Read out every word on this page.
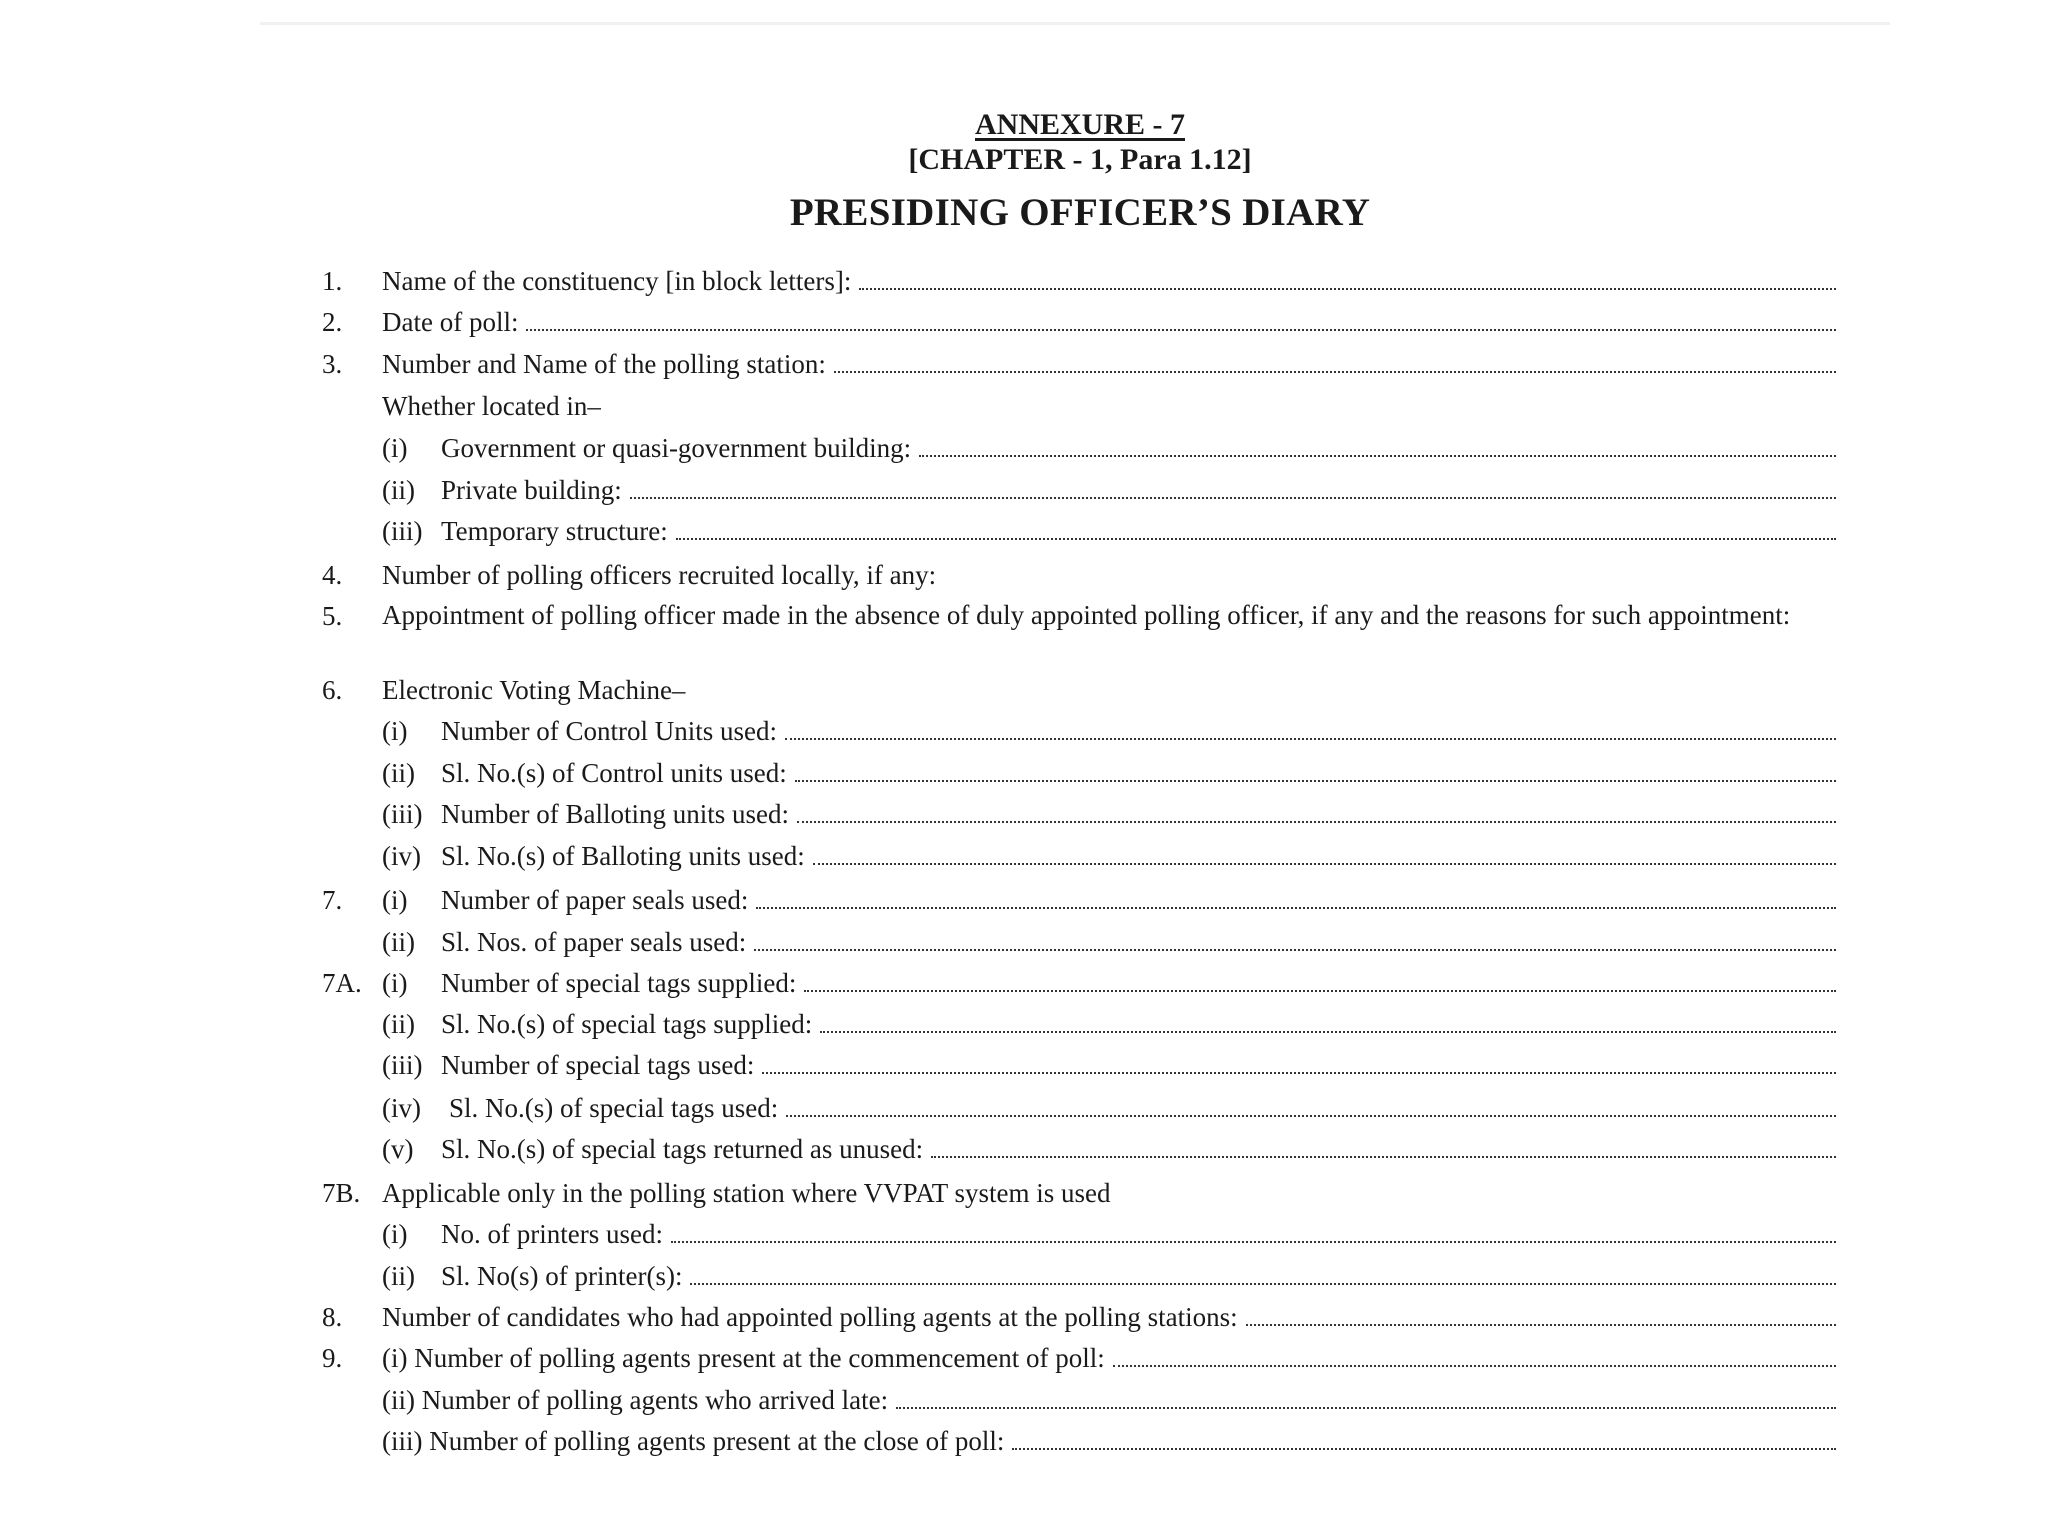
ANNEXURE - 7
[CHAPTER - 1, Para 1.12]
PRESIDING OFFICER’S DIARY
1. Name of the constituency [in block letters]:
2. Date of poll:
3. Number and Name of the polling station:
Whether located in–
(i)	Government or quasi-government building:
(ii) Private building:
(iii) Temporary structure:
4. Number of polling officers recruited locally, if any:
5. Appointment of polling officer made in the absence of duly appointed polling officer, if any and the reasons for such appointment:
6. Electronic Voting Machine–
(i)	Number of Control Units used:
(ii) Sl. No.(s) of Control units used:
(iii) Number of Balloting units used:
(iv) Sl. No.(s) of Balloting units used:
7. (i)	Number of paper seals used:
(ii) Sl. Nos. of paper seals used:
7A. (i)	Number of special tags supplied:
(ii) Sl. No.(s) of special tags supplied:
(iii) Number of special tags used:
(iv)	Sl. No.(s) of special tags used:
(v)	Sl. No.(s) of special tags returned as unused:
7B. Applicable only in the polling station where VVPAT system is used
(i)	No. of printers used:
(ii) Sl. No(s) of printer(s):
8. Number of candidates who had appointed polling agents at the polling stations:
9. (i) Number of polling agents present at the commencement of poll:
(ii) Number of polling agents who arrived late:
(iii) Number of polling agents present at the close of poll:
